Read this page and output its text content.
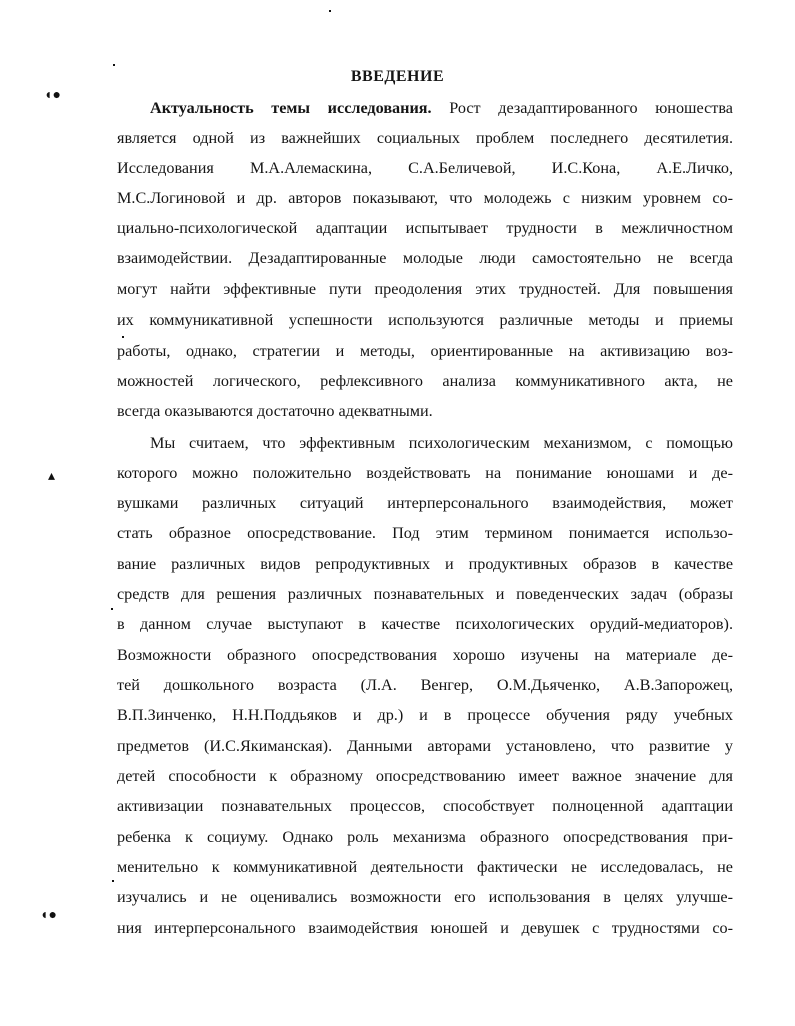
◖●
▴
◖●
ВВЕДЕНИЕ
Актуальность темы исследования. Рост дезадаптированного юношества
является одной из важнейших социальных проблем последнего десятилетия.
Исследования М.А.Алемаскина, С.А.Беличевой, И.С.Кона, А.Е.Личко,
М.С.Логиновой и др. авторов показывают, что молодежь с низким уровнем со-
циально-психологической адаптации испытывает трудности в межличностном
взаимодействии. Дезадаптированные молодые люди самостоятельно не всегда
могут найти эффективные пути преодоления этих трудностей. Для повышения
их коммуникативной успешности используются различные методы и приемы
работы, однако, стратегии и методы, ориентированные на активизацию воз-
можностей логического, рефлексивного анализа коммуникативного акта, не
всегда оказываются достаточно адекватными.
Мы считаем, что эффективным психологическим механизмом, с помощью
которого можно положительно воздействовать на понимание юношами и де-
вушками различных ситуаций интерперсонального взаимодействия, может
стать образное опосредствование. Под этим термином понимается использо-
вание различных видов репродуктивных и продуктивных образов в качестве
средств для решения различных познавательных и поведенческих задач (образы
в данном случае выступают в качестве психологических орудий-медиаторов).
Возможности образного опосредствования хорошо изучены на материале де-
тей дошкольного возраста (Л.А. Венгер, О.М.Дьяченко, А.В.Запорожец,
В.П.Зинченко, Н.Н.Поддьяков и др.) и в процессе обучения ряду учебных
предметов (И.С.Якиманская). Данными авторами установлено, что развитие у
детей способности к образному опосредствованию имеет важное значение для
активизации познавательных процессов, способствует полноценной адаптации
ребенка к социуму. Однако роль механизма образного опосредствования при-
менительно к коммуникативной деятельности фактически не исследовалась, не
изучались и не оценивались возможности его использования в целях улучше-
ния интерперсонального взаимодействия юношей и девушек с трудностями со-
